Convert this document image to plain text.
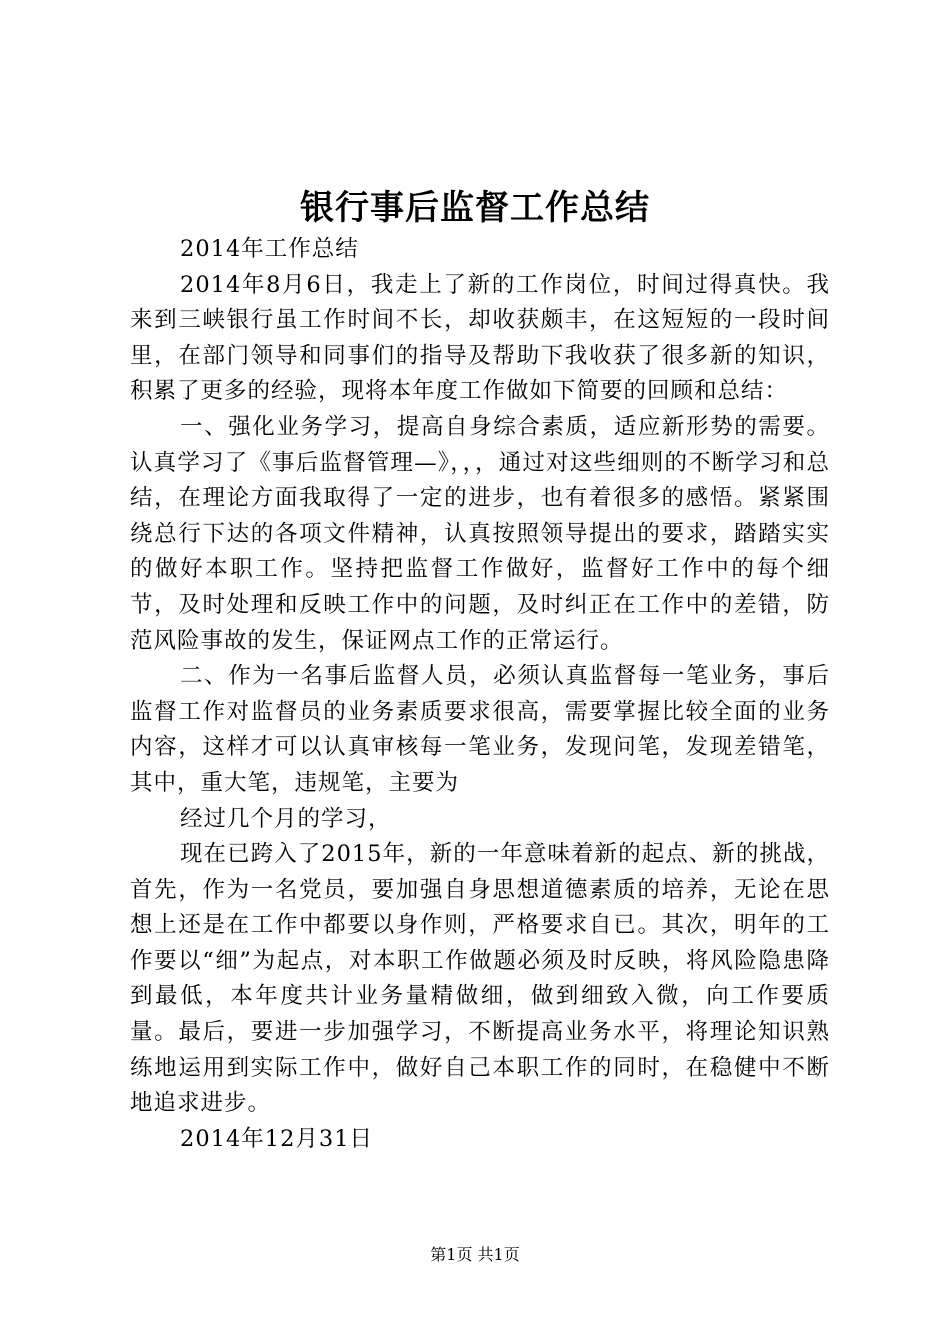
银行事后监督工作总结

2014年工作总结

2014年8月6日，我走上了新的工作岗位，时间过得真快。我来到三峡银行虽工作时间不长，却收获颇丰，在这短短的一段时间里，在部门领导和同事们的指导及帮助下我收获了很多新的知识，积累了更多的经验，现将本年度工作做如下简要的回顾和总结：

一、强化业务学习，提高自身综合素质，适应新形势的需要。认真学习了《事后监督管理—》，，，通过对这些细则的不断学习和总结，在理论方面我取得了一定的进步，也有着很多的感悟。紧紧围绕总行下达的各项文件精神，认真按照领导提出的要求，踏踏实实的做好本职工作。坚持把监督工作做好，监督好工作中的每个细节，及时处理和反映工作中的问题，及时纠正在工作中的差错，防范风险事故的发生，保证网点工作的正常运行。

二、作为一名事后监督人员，必须认真监督每一笔业务，事后监督工作对监督员的业务素质要求很高，需要掌握比较全面的业务内容，这样才可以认真审核每一笔业务，发现问笔，发现差错笔，其中，重大笔，违规笔，主要为

经过几个月的学习，

现在已跨入了2015年，新的一年意味着新的起点、新的挑战，首先，作为一名党员，要加强自身思想道德素质的培养，无论在思想上还是在工作中都要以身作则，严格要求自已。其次，明年的工作要以“细”为起点，对本职工作做题必须及时反映，将风险隐患降到最低，本年度共计业务量精做细，做到细致入微，向工作要质量。最后，要进一步加强学习，不断提高业务水平，将理论知识熟练地运用到实际工作中，做好自己本职工作的同时，在稳健中不断地追求进步。

2014年12月31日

第1页 共1页
